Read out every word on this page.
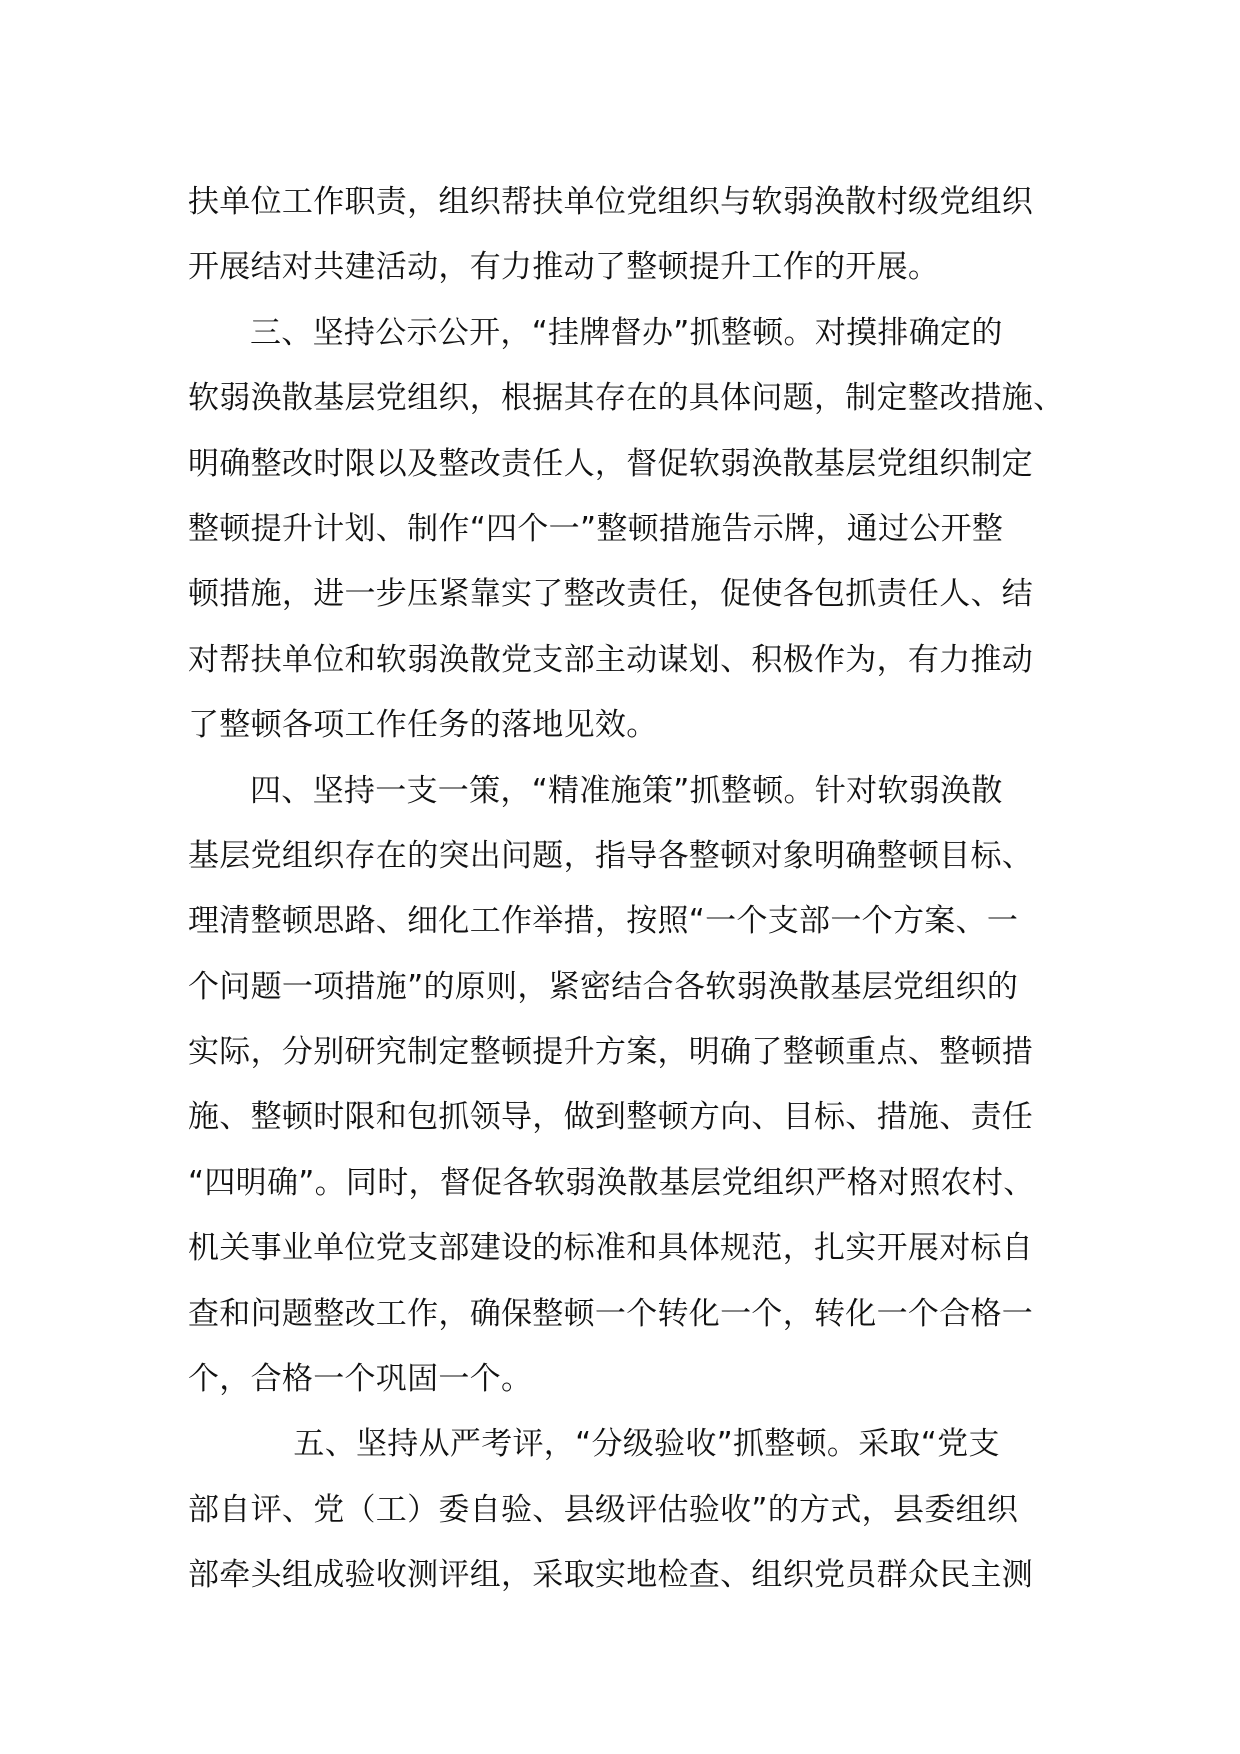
扶单位工作职责，组织帮扶单位党组织与软弱涣散村级党组织
开展结对共建活动，有力推动了整顿提升工作的开展。
三、坚持公示公开，“挂牌督办”抓整顿。对摸排确定的
软弱涣散基层党组织，根据其存在的具体问题，制定整改措施、
明确整改时限以及整改责任人，督促软弱涣散基层党组织制定
整顿提升计划、制作“四个一”整顿措施告示牌，通过公开整
顿措施，进一步压紧靠实了整改责任，促使各包抓责任人、结
对帮扶单位和软弱涣散党支部主动谋划、积极作为，有力推动
了整顿各项工作任务的落地见效。
四、坚持一支一策，“精准施策”抓整顿。针对软弱涣散
基层党组织存在的突出问题，指导各整顿对象明确整顿目标、
理清整顿思路、细化工作举措，按照“一个支部一个方案、一
个问题一项措施”的原则，紧密结合各软弱涣散基层党组织的
实际，分别研究制定整顿提升方案，明确了整顿重点、整顿措
施、整顿时限和包抓领导，做到整顿方向、目标、措施、责任
“四明确”。同时，督促各软弱涣散基层党组织严格对照农村、
机关事业单位党支部建设的标准和具体规范，扎实开展对标自
查和问题整改工作，确保整顿一个转化一个，转化一个合格一
个，合格一个巩固一个。
五、坚持从严考评，“分级验收”抓整顿。采取“党支
部自评、党（工）委自验、县级评估验收”的方式，县委组织
部牵头组成验收测评组，采取实地检查、组织党员群众民主测
